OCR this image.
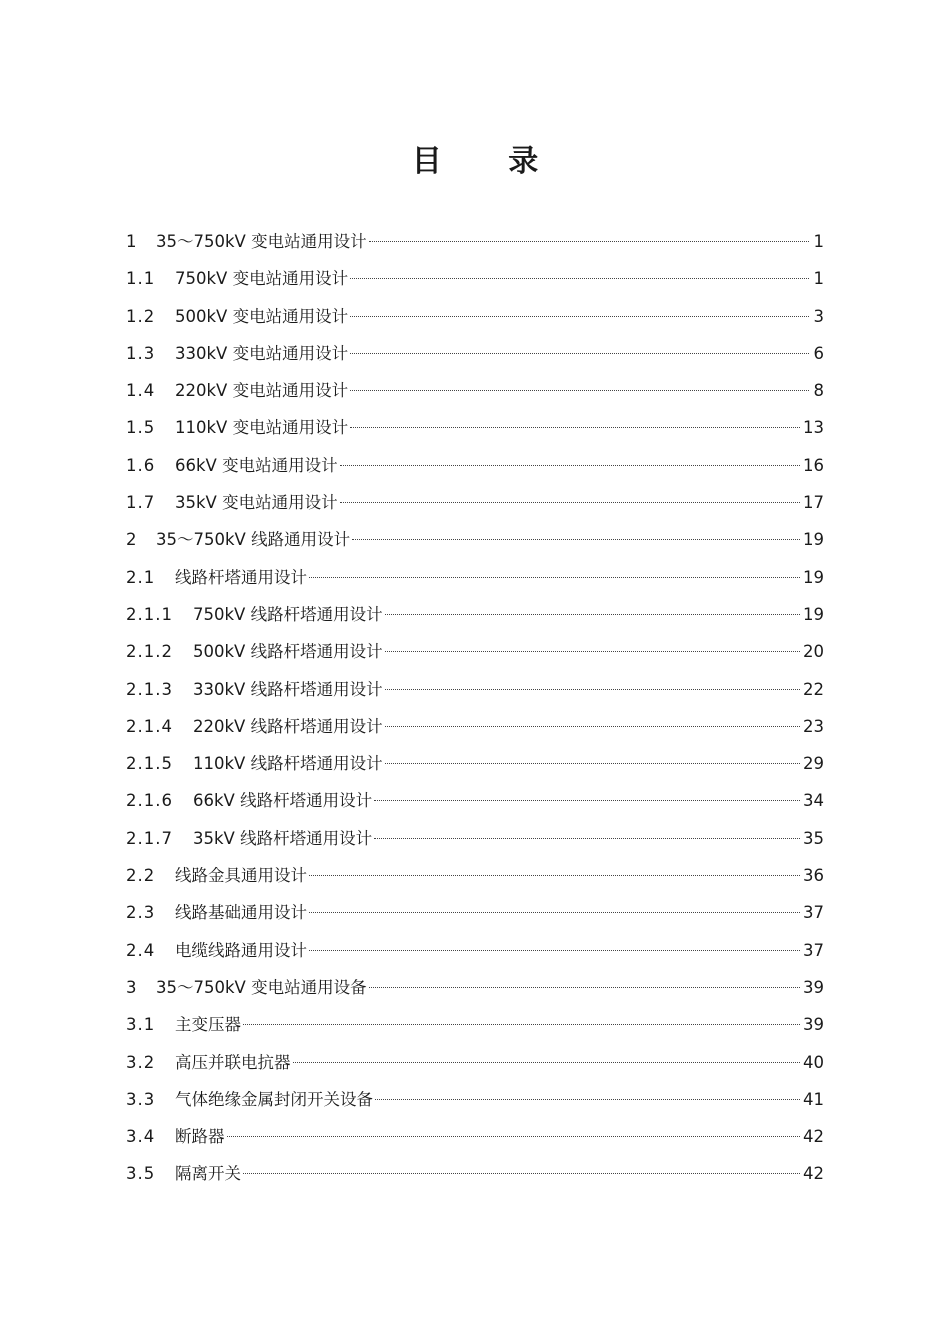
目 录
1	35～750kV 变电站通用设计	1
1.1	750kV 变电站通用设计	1
1.2	500kV 变电站通用设计	3
1.3	330kV 变电站通用设计	6
1.4	220kV 变电站通用设计	8
1.5	110kV 变电站通用设计	13
1.6	66kV 变电站通用设计	16
1.7	35kV 变电站通用设计	17
2	35～750kV 线路通用设计	19
2.1	线路杆塔通用设计	19
2.1.1	750kV 线路杆塔通用设计	19
2.1.2	500kV 线路杆塔通用设计	20
2.1.3	330kV 线路杆塔通用设计	22
2.1.4	220kV 线路杆塔通用设计	23
2.1.5	110kV 线路杆塔通用设计	29
2.1.6	66kV 线路杆塔通用设计	34
2.1.7	35kV 线路杆塔通用设计	35
2.2	线路金具通用设计	36
2.3	线路基础通用设计	37
2.4	电缆线路通用设计	37
3	35～750kV 变电站通用设备	39
3.1	主变压器	39
3.2	高压并联电抗器	40
3.3	气体绝缘金属封闭开关设备	41
3.4	断路器	42
3.5	隔离开关	42
